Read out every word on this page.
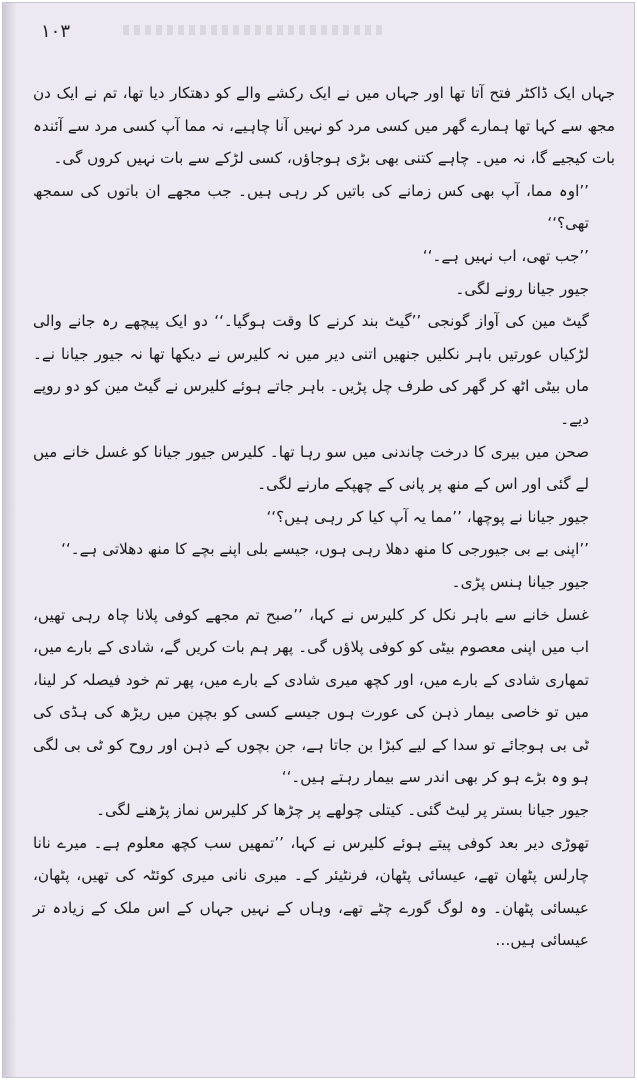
١٠٣

جہاں ایک ڈاکٹر فتح آتا تھا اور جہاں میں نے ایک رکشے والے کو دھتکار دیا تھا، تم نے ایک دن مجھ سے کہا تھا ہمارے گھر میں کسی مرد کو نہیں آنا چاہیے، نہ مما آپ کسی مرد سے آئندہ بات کیجیے گا، نہ میں۔ چاہے کتنی بھی بڑی ہوجاؤں، کسی لڑکے سے بات نہیں کروں گی۔

’’اوہ مما، آپ بھی کس زمانے کی باتیں کر رہی ہیں۔ جب مجھے ان باتوں کی سمجھ تھی؟‘‘

’’جب تھی، اب نہیں ہے۔‘‘

جیور جیانا رونے لگی۔

گیٹ مین کی آواز گونجی ’’گیٹ بند کرنے کا وقت ہوگیا۔‘‘ دو ایک پیچھے رہ جانے والی لڑکیاں عورتیں باہر نکلیں جنھیں اتنی دیر میں نہ کلیرس نے دیکھا تھا نہ جیور جیانا نے۔ ماں بیٹی اٹھ کر گھر کی طرف چل پڑیں۔ باہر جاتے ہوئے کلیرس نے گیٹ مین کو دو روپے دیے۔

صحن میں بیری کا درخت چاندنی میں سو رہا تھا۔ کلیرس جیور جیانا کو غسل خانے میں لے گئی اور اس کے منھ پر پانی کے چھپکے مارنے لگی۔

جیور جیانا نے پوچھا، ’’مما یہ آپ کیا کر رہی ہیں؟‘‘

’’اپنی بے بی جیورجی کا منھ دھلا رہی ہوں، جیسے بلی اپنے بچے کا منھ دھلاتی ہے۔‘‘

جیور جیانا ہنس پڑی۔

غسل خانے سے باہر نکل کر کلیرس نے کہا، ’’صبح تم مجھے کوفی پلانا چاہ رہی تھیں، اب میں اپنی معصوم بیٹی کو کوفی پلاؤں گی۔ پھر ہم بات کریں گے، شادی کے بارے میں، تمھاری شادی کے بارے میں، اور کچھ میری شادی کے بارے میں، پھر تم خود فیصلہ کر لینا، میں تو خاصی بیمار ذہن کی عورت ہوں جیسے کسی کو بچپن میں ریڑھ کی ہڈی کی ٹی بی ہوجائے تو سدا کے لیے کبڑا بن جاتا ہے، جن بچوں کے ذہن اور روح کو ٹی بی لگی ہو وہ بڑے ہو کر بھی اندر سے بیمار رہتے ہیں۔‘‘

جیور جیانا بستر پر لیٹ گئی۔ کیتلی چولھے پر چڑھا کر کلیرس نماز پڑھنے لگی۔

تھوڑی دیر بعد کوفی پیتے ہوئے کلیرس نے کہا، ’’تمھیں سب کچھ معلوم ہے۔ میرے نانا چارلس پٹھان تھے، عیسائی پٹھان، فرنٹیئر کے۔ میری نانی میری کوئٹہ کی تھیں، پٹھان، عیسائی پٹھان۔ وہ لوگ گورے چٹے تھے، وہاں کے نہیں جہاں کے اس ملک کے زیادہ تر عیسائی ہیں…
